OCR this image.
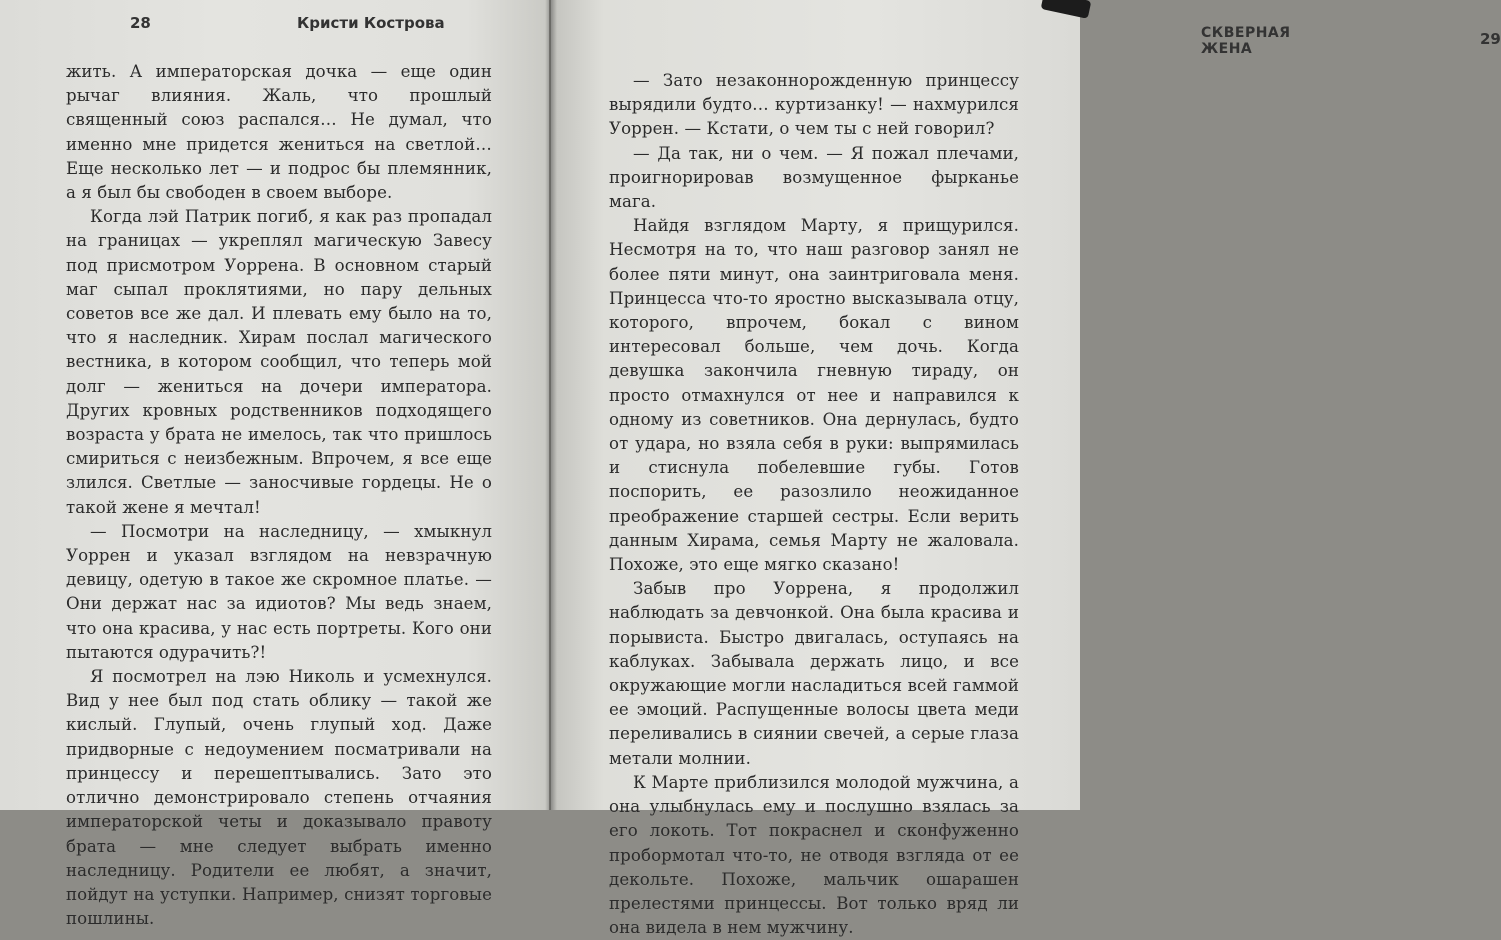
28	Кристи Кострова

жить. А императорская дочка — еще один рычаг влияния. Жаль, что прошлый священный союз распался… Не думал, что именно мне придется жениться на светлой… Еще несколько лет — и подрос бы племянник, а я был бы свободен в своем выборе.

Когда лэй Патрик погиб, я как раз пропадал на границах — укреплял магическую Завесу под присмотром Уоррена. В основном старый маг сыпал проклятиями, но пару дельных советов все же дал. И плевать ему было на то, что я наследник. Хирам послал магического вестника, в котором сообщил, что теперь мой долг — жениться на дочери императора. Других кровных родственников подходящего возраста у брата не имелось, так что пришлось смириться с неизбежным. Впрочем, я все еще злился. Светлые — заносчивые гордецы. Не о такой жене я мечтал!

— Посмотри на наследницу, — хмыкнул Уоррен и указал взглядом на невзрачную девицу, одетую в такое же скромное платье. — Они держат нас за идиотов? Мы ведь знаем, что она красива, у нас есть портреты. Кого они пытаются одурачить?!

Я посмотрел на лэю Николь и усмехнулся. Вид у нее был под стать облику — такой же кислый. Глупый, очень глупый ход. Даже придворные с недоумением посматривали на принцессу и перешептывались. Зато это отлично демонстрировало степень отчаяния императорской четы и доказывало правоту брата — мне следует выбрать именно наследницу. Родители ее любят, а значит, пойдут на уступки. Например, снизят торговые пошлины.

СКВЕРНАЯ ЖЕНА
29

— Зато незаконнорожденную принцессу вырядили будто… куртизанку! — нахмурился Уоррен. — Кстати, о чем ты с ней говорил?

— Да так, ни о чем. — Я пожал плечами, проигнорировав возмущенное фырканье мага.

Найдя взглядом Марту, я прищурился. Несмотря на то, что наш разговор занял не более пяти минут, она заинтриговала меня. Принцесса что-то яростно высказывала отцу, которого, впрочем, бокал с вином интересовал больше, чем дочь. Когда девушка закончила гневную тираду, он просто отмахнулся от нее и направился к одному из советников. Она дернулась, будто от удара, но взяла себя в руки: выпрямилась и стиснула побелевшие губы. Готов поспорить, ее разозлило неожиданное преображение старшей сестры. Если верить данным Хирама, семья Марту не жаловала. Похоже, это еще мягко сказано!

Забыв про Уоррена, я продолжил наблюдать за девчонкой. Она была красива и порывиста. Быстро двигалась, оступаясь на каблуках. Забывала держать лицо, и все окружающие могли насладиться всей гаммой ее эмоций. Распущенные волосы цвета меди переливались в сиянии свечей, а серые глаза метали молнии.

К Марте приблизился молодой мужчина, а она улыбнулась ему и послушно взялась за его локоть. Тот покраснел и сконфуженно пробормотал что-то, не отводя взгляда от ее декольте. Похоже, мальчик ошарашен прелестями принцессы. Вот только вряд ли она видела в нем мужчину.
